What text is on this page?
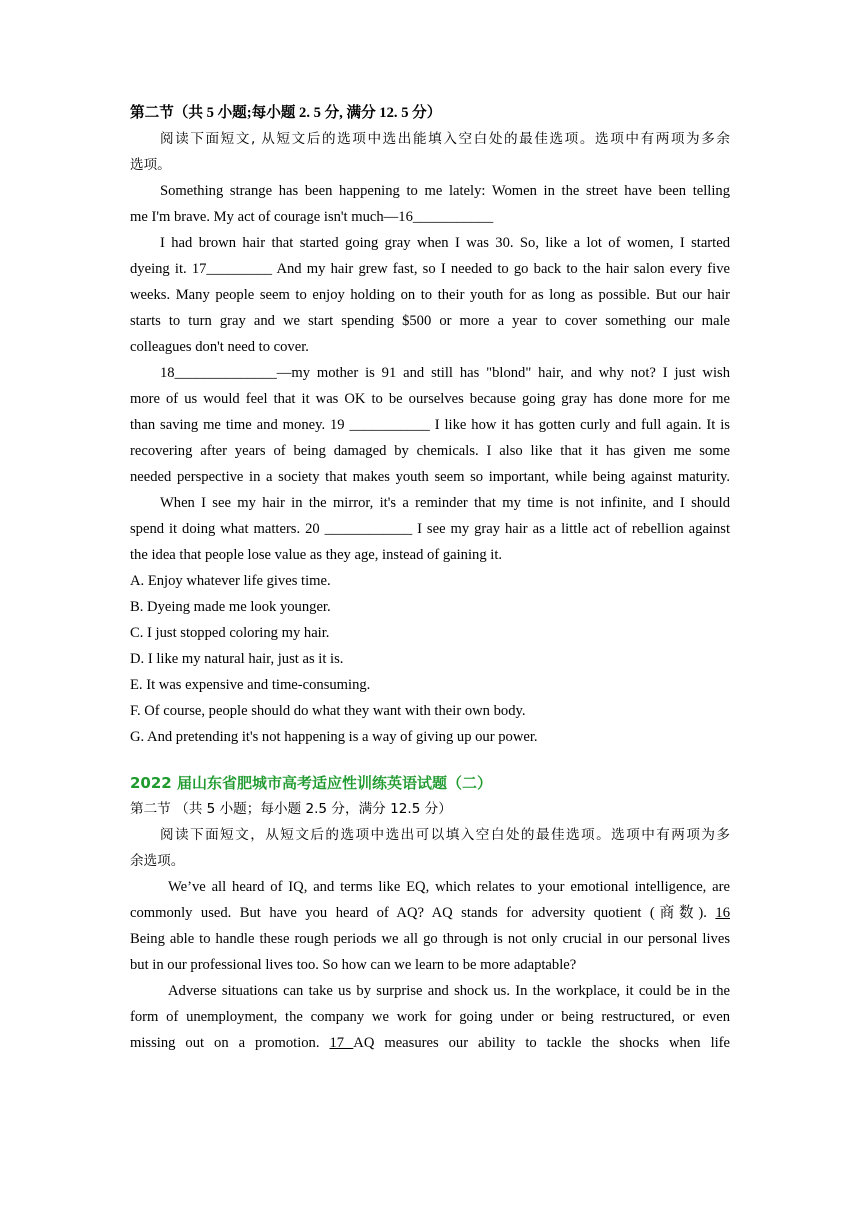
第二节（共 5 小题;每小题 2. 5 分, 满分 12. 5 分）

阅读下面短文, 从短文后的选项中选出能填入空白处的最佳选项。选项中有两项为多余

选项。

Something strange has been happening to me lately: Women in the street have been telling

me I'm brave. My act of courage isn't much—16___________

I had brown hair that started going gray when I was 30. So, like a lot of women, I started

dyeing it. 17_________ And my hair grew fast, so I needed to go back to the hair salon every five

weeks. Many people seem to enjoy holding on to their youth for as long as possible. But our hair

starts to turn gray and we start spending $500 or more a year to cover something our male

colleagues don't need to cover.

18______________—my mother is 91 and still has "blond" hair, and why not? I just wish

more of us would feel that it was OK to be ourselves because going gray has done more for me

than saving me time and money. 19 ___________ I like how it has gotten curly and full again. It is

recovering after years of being damaged by chemicals. I also like that it has given me some

needed perspective in a society that makes youth seem so important, while being against maturity.

When I see my hair in the mirror, it's a reminder that my time is not infinite, and I should

spend it doing what matters. 20 ____________ I see my gray hair as a little act of rebellion against

the idea that people lose value as they age, instead of gaining it.

A. Enjoy whatever life gives time.
B. Dyeing made me look younger.
C. I just stopped coloring my hair.
D. I like my natural hair, just as it is.
E. It was expensive and time-consuming.
F. Of course, people should do what they want with their own body.
G. And pretending it's not happening is a way of giving up our power.
2022 届山东省肥城市高考适应性训练英语试题（二）

第二节 （共 5 小题；每小题 2.5 分，满分 12.5 分）

阅读下面短文，从短文后的选项中选出可以填入空白处的最佳选项。选项中有两项为多

余选项。

We’ve all heard of IQ, and terms like EQ, which relates to your emotional intelligence, are

commonly used. But have you heard of AQ? AQ stands for adversity quotient (商数). 16

Being able to handle these rough periods we all go through is not only crucial in our personal lives

but in our professional lives too. So how can we learn to be more adaptable?

Adverse situations can take us by surprise and shock us. In the workplace, it could be in the

form of unemployment, the company we work for going under or being restructured, or even

missing out on a promotion. 17 AQ measures our ability to tackle the shocks when life
